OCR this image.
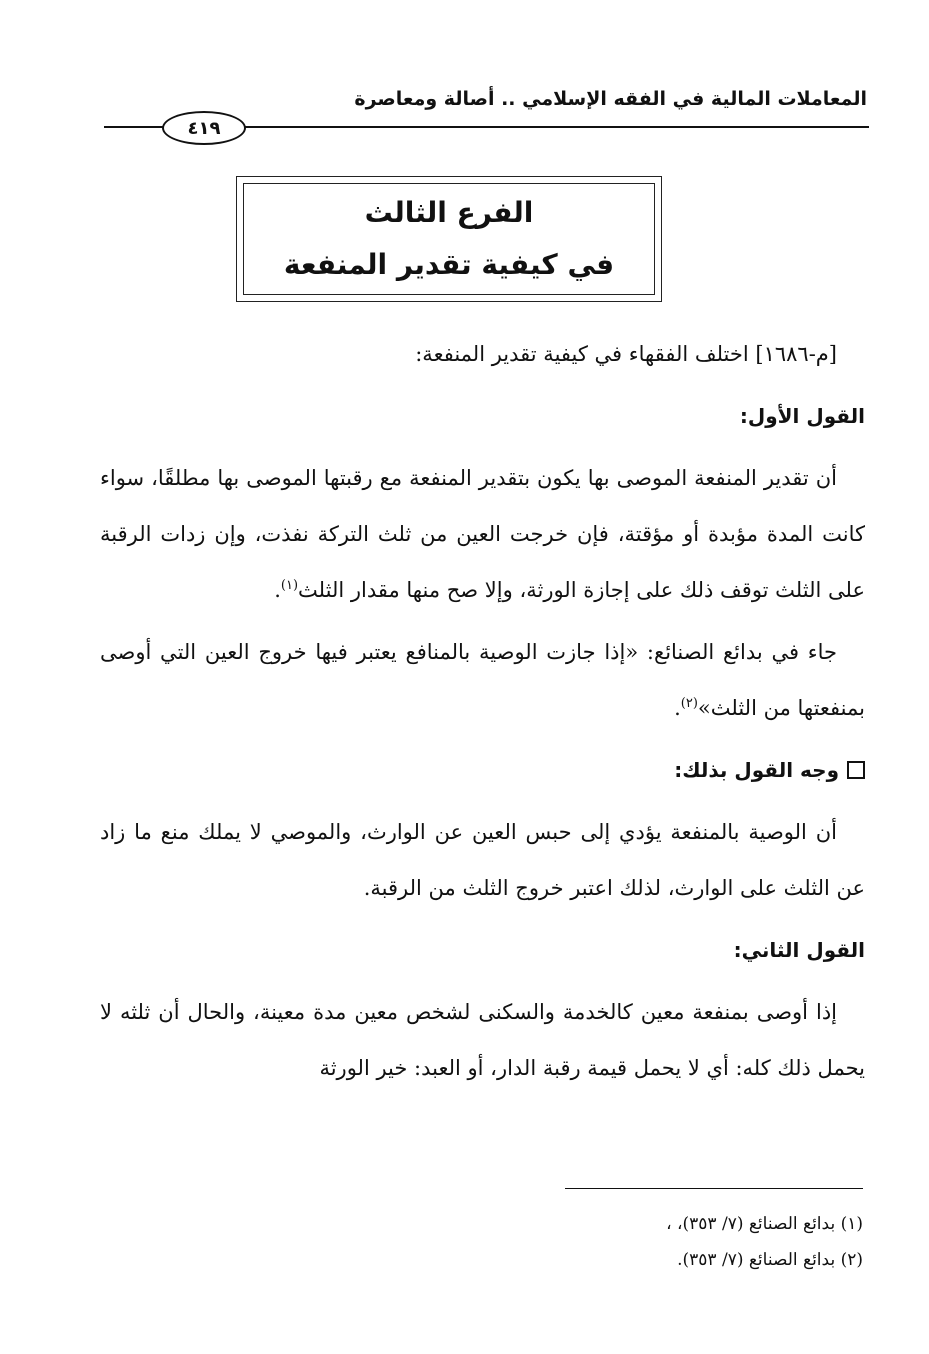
المعاملات المالية في الفقه الإسلامي .. أصالة ومعاصرة
٤١٩
الفرع الثالث
في كيفية تقدير المنفعة

[م-١٦٨٦] اختلف الفقهاء في كيفية تقدير المنفعة:

القول الأول:

أن تقدير المنفعة الموصى بها يكون بتقدير المنفعة مع رقبتها الموصى بها مطلقًا، سواء كانت المدة مؤبدة أو مؤقتة، فإن خرجت العين من ثلث التركة نفذت، وإن زدات الرقبة على الثلث توقف ذلك على إجازة الورثة، وإلا صح منها مقدار الثلث$^{(١)}$.

جاء في بدائع الصنائع: «إذا جازت الوصية بالمنافع يعتبر فيها خروج العين التي أوصى بمنفعتها من الثلث»$^{(٢)}$.

وجه القول بذلك:

أن الوصية بالمنفعة يؤدي إلى حبس العين عن الوارث، والموصي لا يملك منع ما زاد عن الثلث على الوارث، لذلك اعتبر خروج الثلث من الرقبة.

القول الثاني:

إذا أوصى بمنفعة معين كالخدمة والسكنى لشخص معين مدة معينة، والحال أن ثلثه لا يحمل ذلك كله: أي لا يحمل قيمة رقبة الدار، أو العبد: خير الورثة

(١) بدائع الصنائع (٧/ ٣٥٣)، ،
(٢) بدائع الصنائع (٧/ ٣٥٣).
